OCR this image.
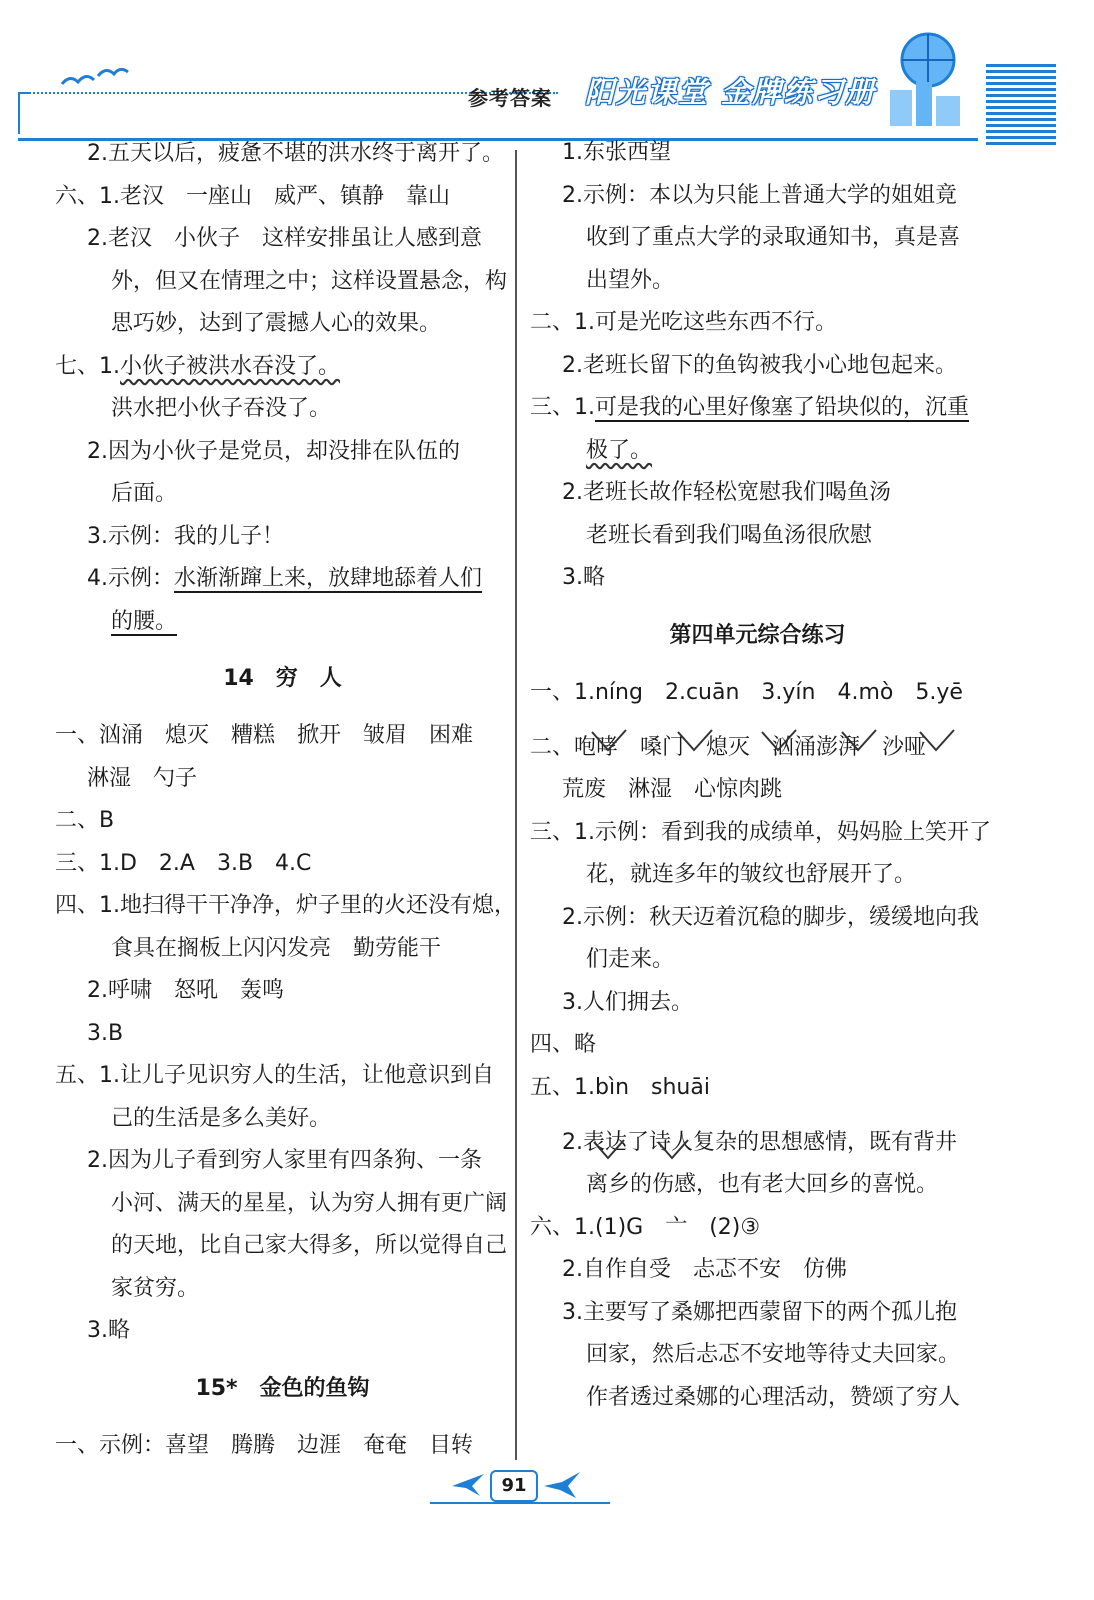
参考答案 阳光课堂 金牌练习册
2.五天以后，疲惫不堪的洪水终于离开了。
六、1.老汉　一座山　威严、镇静　靠山
2.老汉　小伙子　这样安排虽让人感到意
外，但又在情理之中；这样设置悬念，构
思巧妙，达到了震撼人心的效果。
七、1.小伙子被洪水吞没了。
洪水把小伙子吞没了。
2.因为小伙子是党员，却没排在队伍的
后面。
3.示例：我的儿子！
4.示例：水渐渐蹿上来，放肆地舔着人们
的腰。
14　穷　人
一、汹涌　熄灭　糟糕　掀开　皱眉　困难
淋湿　勺子
二、B
三、1.D　2.A　3.B　4.C
四、1.地扫得干干净净，炉子里的火还没有熄，
食具在搁板上闪闪发亮　勤劳能干
2.呼啸　怒吼　轰鸣
3.B
五、1.让儿子见识穷人的生活，让他意识到自
己的生活是多么美好。
2.因为儿子看到穷人家里有四条狗、一条
小河、满天的星星，认为穷人拥有更广阔
的天地，比自己家大得多，所以觉得自己
家贫穷。
3.略
15*　金色的鱼钩
一、示例：喜望　腾腾　边涯　奄奄　目转
1.东张西望
2.示例：本以为只能上普通大学的姐姐竟
收到了重点大学的录取通知书，真是喜
出望外。
二、1.可是光吃这些东西不行。
2.老班长留下的鱼钩被我小心地包起来。
三、1.可是我的心里好像塞了铅块似的，沉重
极了。
2.老班长故作轻松宽慰我们喝鱼汤
老班长看到我们喝鱼汤很欣慰
3.略
第四单元综合练习
一、1.níng　2.cuān　3.yín　4.mò　5.yē
二、咆哮　嗓门　熄灭　汹涌澎湃　沙哑
荒废　淋湿　心惊肉跳
三、1.示例：看到我的成绩单，妈妈脸上笑开了
花，就连多年的皱纹也舒展开了。
2.示例：秋天迈着沉稳的脚步，缓缓地向我
们走来。
3.人们拥去。
四、略
五、1.bìn　shuāi
2.表达了诗人复杂的思想感情，既有背井
离乡的伤感，也有老大回乡的喜悦。
六、1.(1)G　亠　(2)③
2.自作自受　忐忑不安　仿佛
3.主要写了桑娜把西蒙留下的两个孤儿抱
回家，然后忐忑不安地等待丈夫回家。
作者透过桑娜的心理活动，赞颂了穷人
91
